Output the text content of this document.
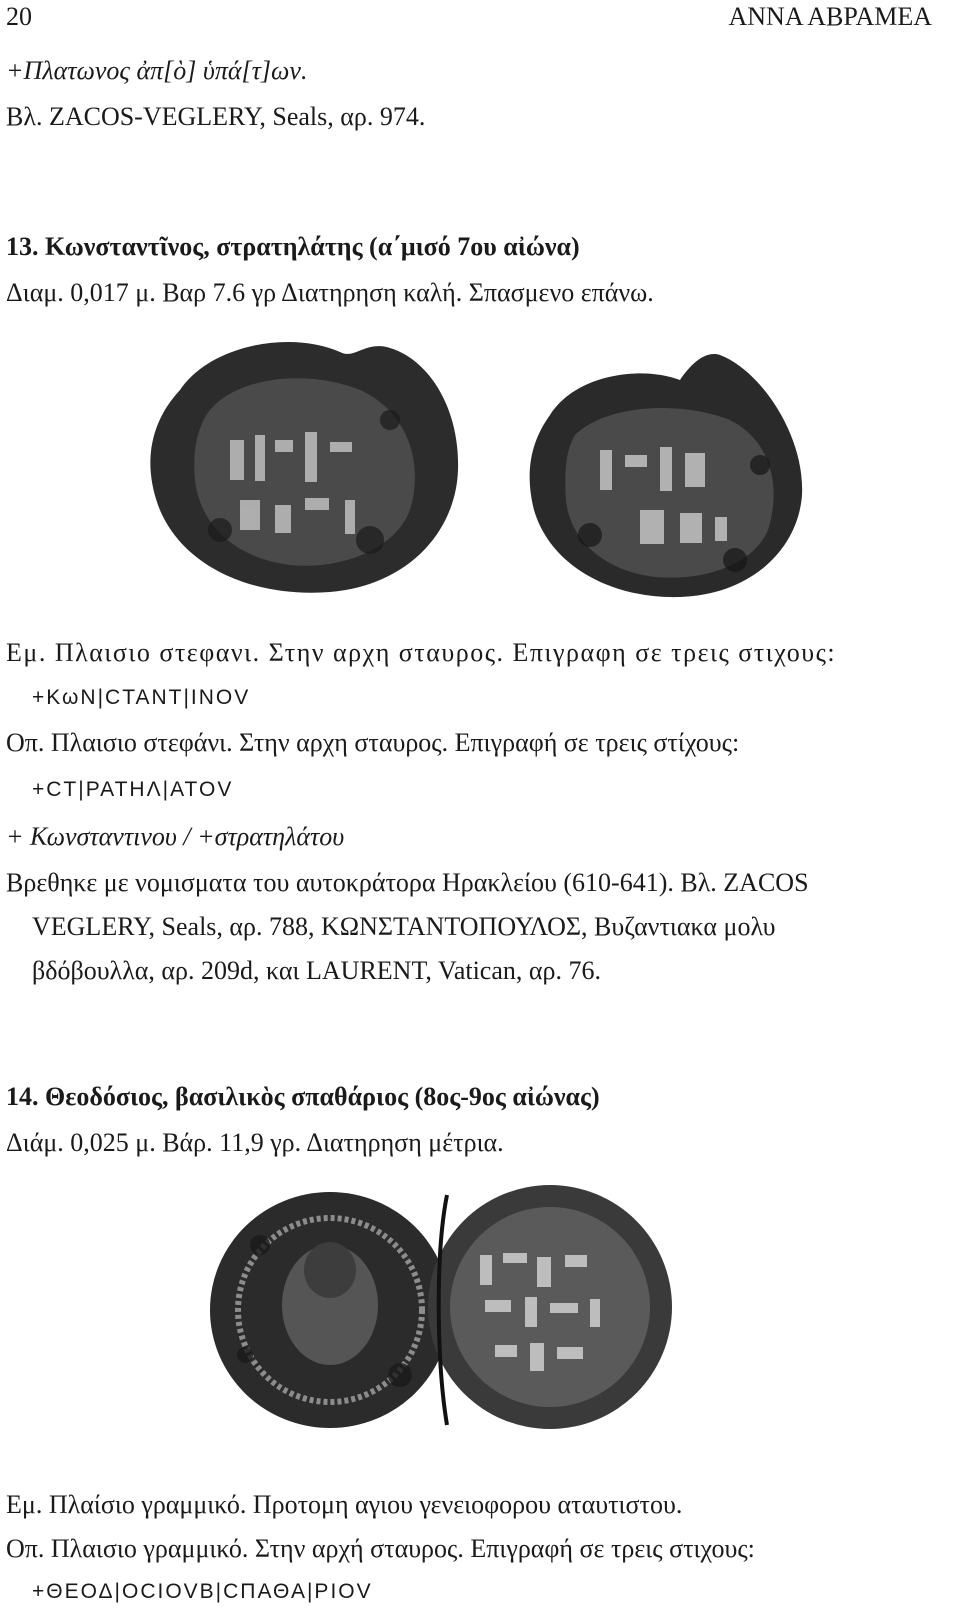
20	ΑΝΝΑ ΑΒΡΑΜΕΑ
+Πλατωνος ἀπ[ὸ] ὑπά[τ]ων.
Βλ. ZACOS-VEGLERY, Seals, αρ. 974.
13. Κωνσταντῖνος, στρατηλάτης (α΄μισό 7ου αἰώνα)
Διαμ. 0,017 μ. Βαρ 7.6 γρ Διατηρηση καλή. Σπασμενο επάνω.
Εμ. Πλαισιο στεφανι. Στην αρχη σταυρος. Επιγραφη σε τρεις στιχους:
+ΚωΝ|CΤΑΝΤ|ΙΝΟV
Οπ. Πλαισιο στεφάνι. Στην αρχη σταυρος. Επιγραφή σε τρεις στίχους:
+CΤ|ΡΑΤΗΛ|ΑΤΟV
+ Κωνσταντινου / +στρατηλάτου
Βρεθηκε με νομισματα του αυτοκράτορα Ηρακλείου (610-641). Βλ. ZACOS
VEGLERY, Seals, αρ. 788, ΚΩΝΣΤΑΝΤΟΠΟΥΛΟΣ, Βυζαντιακα μολυ
βδόβουλλα, αρ. 209d, και LAURENT, Vatican, αρ. 76.
14. Θεοδόσιος, βασιλικὸς σπαθάριος (8ος-9ος αἰώνας)
Διάμ. 0,025 μ. Βάρ. 11,9 γρ. Διατηρηση μέτρια.
Εμ. Πλαίσιο γραμμικό. Προτομη αγιου γενειοφορου αταυτιστου.
Οπ. Πλαισιο γραμμικό. Στην αρχή σταυρος. Επιγραφή σε τρεις στιχους:
+ΘΕΟΔ|ΟCΙΟVΒ|CΠΑΘΑ|ΡΙΟV
